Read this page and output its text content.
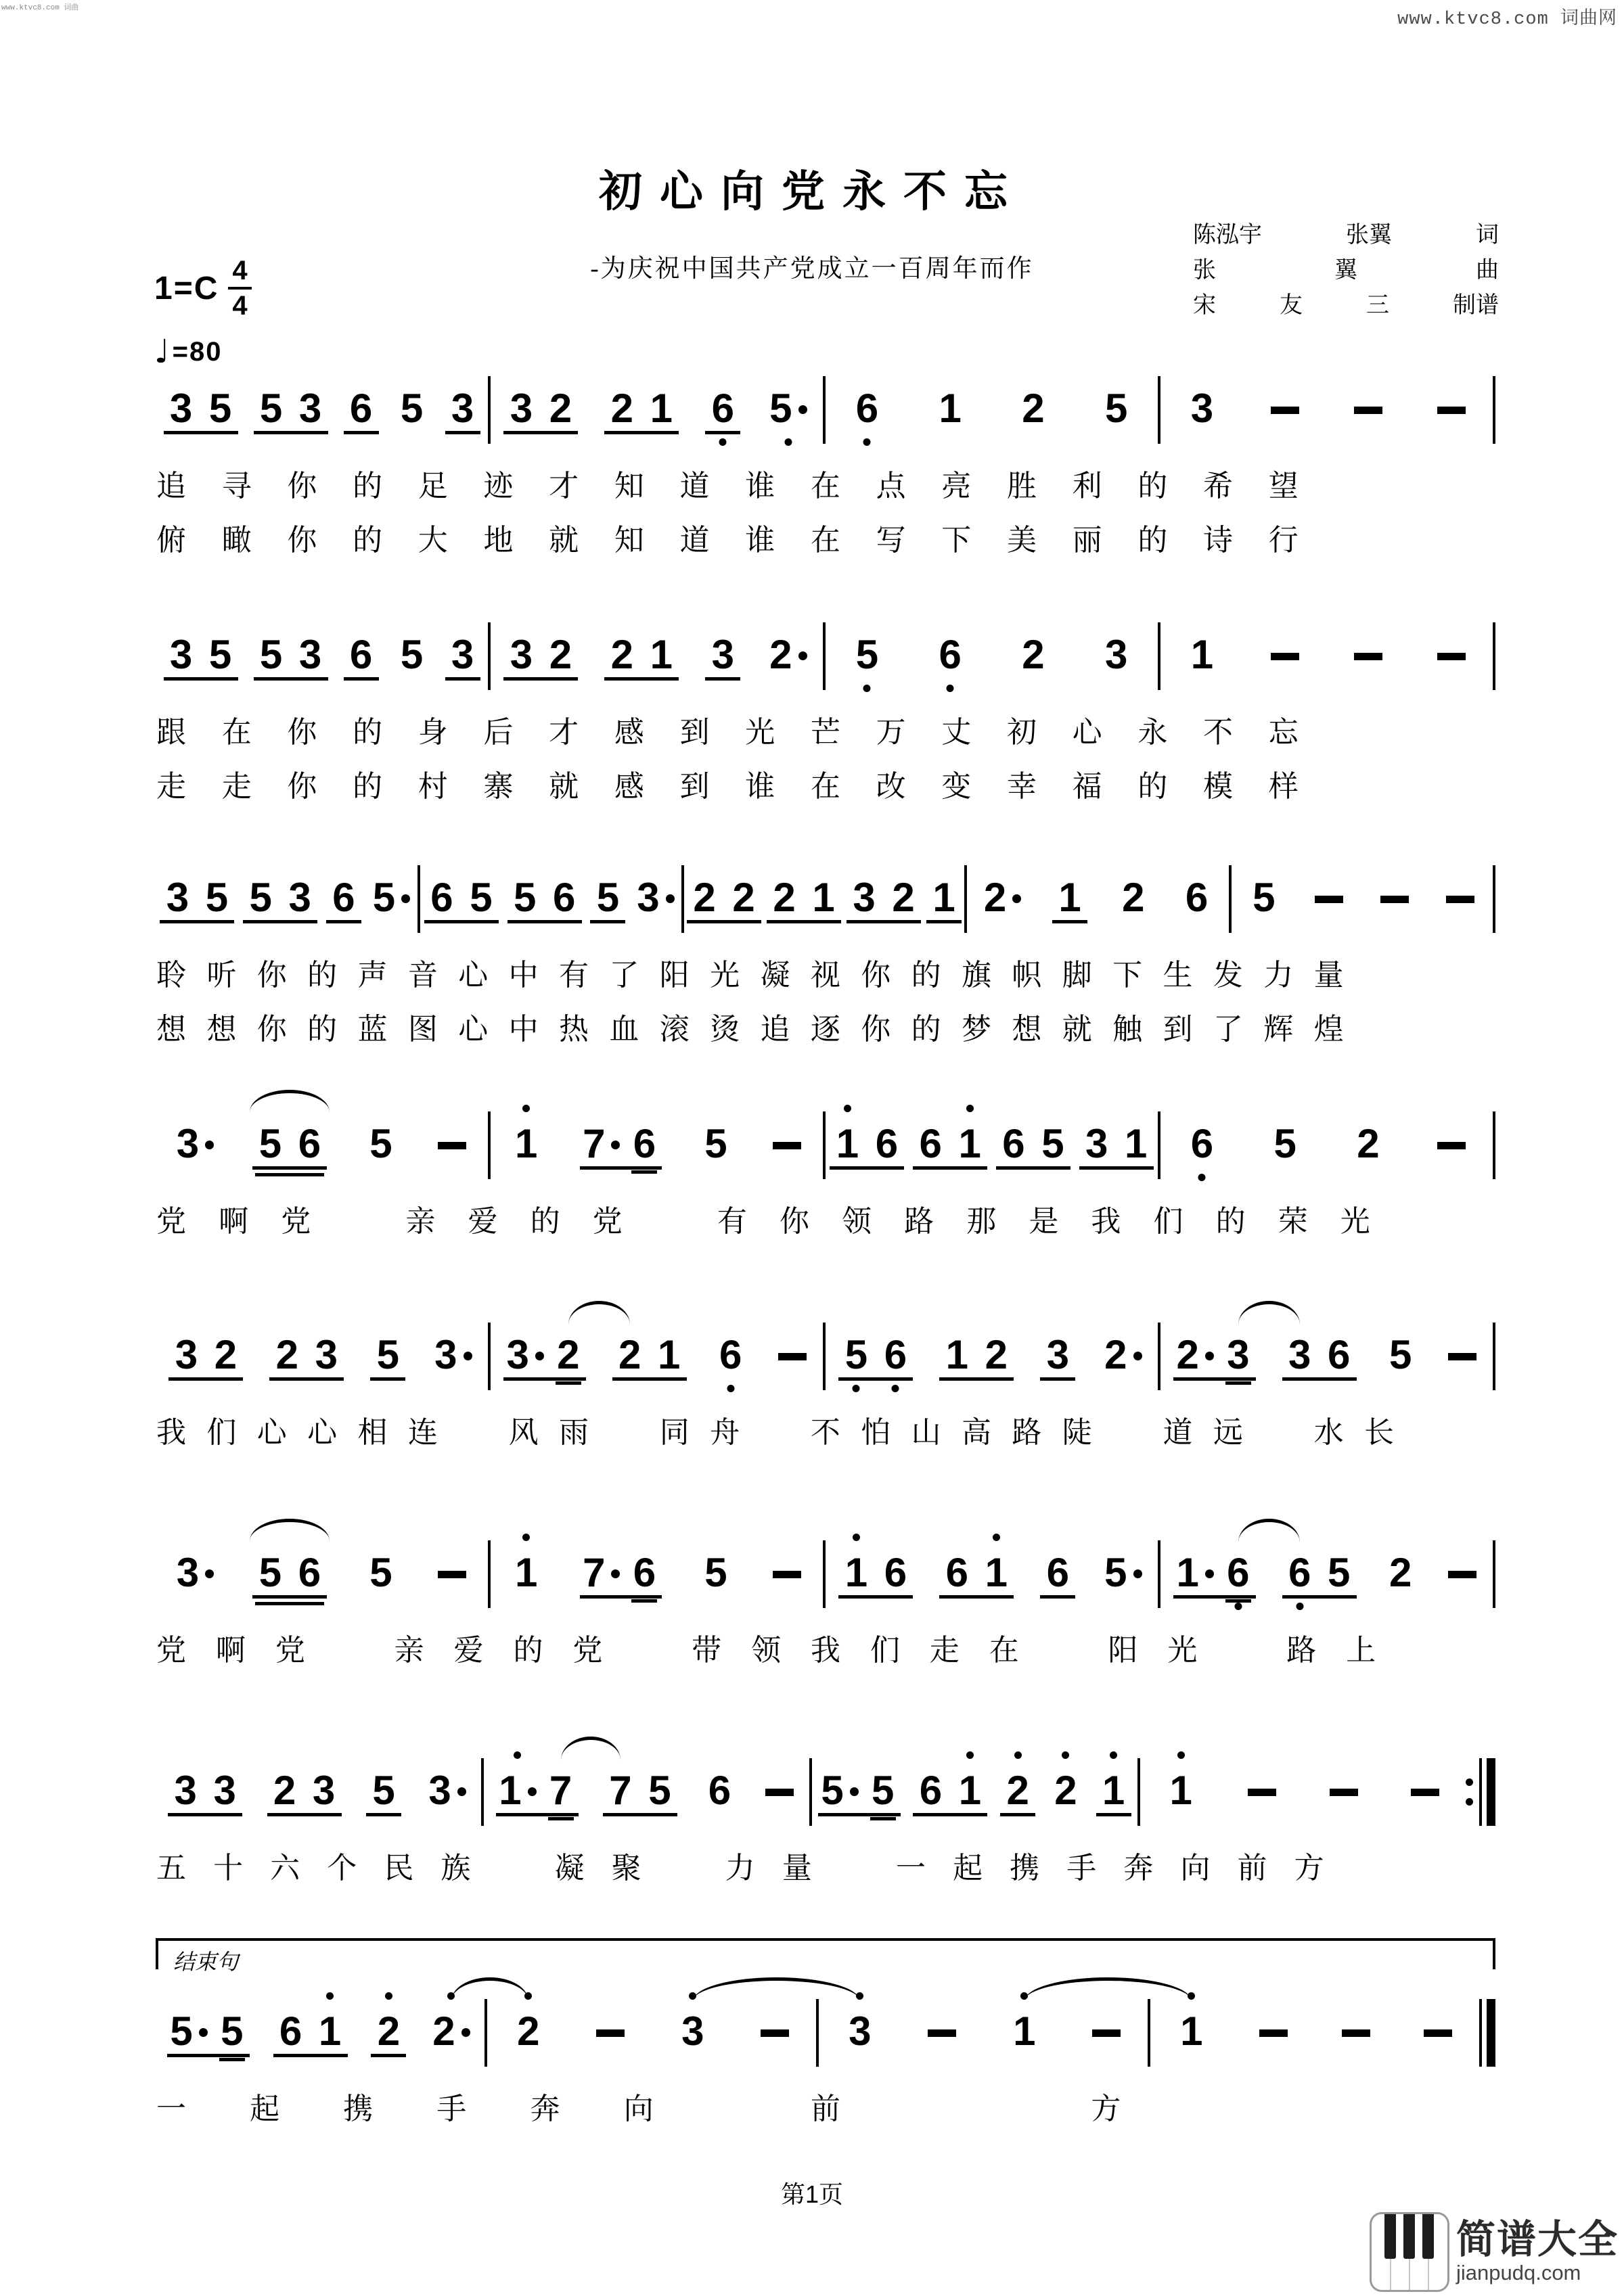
www.ktvc8.com 词曲
www.ktvc8.com 词曲网
初心向党永不忘
-为庆祝中国共产党成立一百周年而作
陈泓宇	张翼	词
张	翼	曲
宋	友	三	制谱
$1=C \frac{4}{4}$
♩ =80
3 5 5 3 6 5 3 3 2 2 1 6 5 6 1 2 5 3
追 寻 你 的 足 迹 才 知 道 谁 在 点 亮 胜 利 的 希 望
俯 瞰 你 的 大 地 就 知 道 谁 在 写 下 美 丽 的 诗 行
3 5 5 3 6 5 3 3 2 2 1 3 2 5 6 2 3 1
跟 在 你 的 身 后 才 感 到 光 芒 万 丈 初 心 永 不 忘
走 走 你 的 村 寨 就 感 到 谁 在 改 变 幸 福 的 模 样
3 5 5 3 6 5 6 5 5 6 5 3 2 2 2 1 3 2 1 2 1 2 6 5
聆 听 你 的 声 音 心 中 有 了 阳 光 凝 视 你 的 旗 帜 脚 下 生 发 力 量
想 想 你 的 蓝 图 心 中 热 血 滚 烫 追 逐 你 的 梦 想 就 触 到 了 辉 煌
3 5 6 5	1 7 6 5	1 6 6 1 6 5 3 1 6 5 2
党 啊 党	亲 爱 的 党	有 你 领 路 那 是 我 们 的 荣 光
3 2 2 3 5 3 3 2 2 1 6	5 6 1 2 3 2 2 3 3 6 5
我 们 心 心 相 连 风 雨 同 舟 不 怕 山 高 路 陡 道 远 水 长
3 5 6 5	1 7 6 5	1 6 6 1 6 5 1 6 6 5 2
党 啊 党	亲 爱 的 党	带 领 我 们 走 在	阳 光	路 上
3 3 2 3 5 3 1 7 7 5 6 5 5 6 1 2 2 1 1
五 十 六 个 民 族	凝 聚	力 量	一 起 携 手 奔 向 前 方
结束句
5 5 6 1 2 2 2	3	3	1	1
一 起 携 手 奔 向	前	方
第1页
简谱大全
jianpudq.com
